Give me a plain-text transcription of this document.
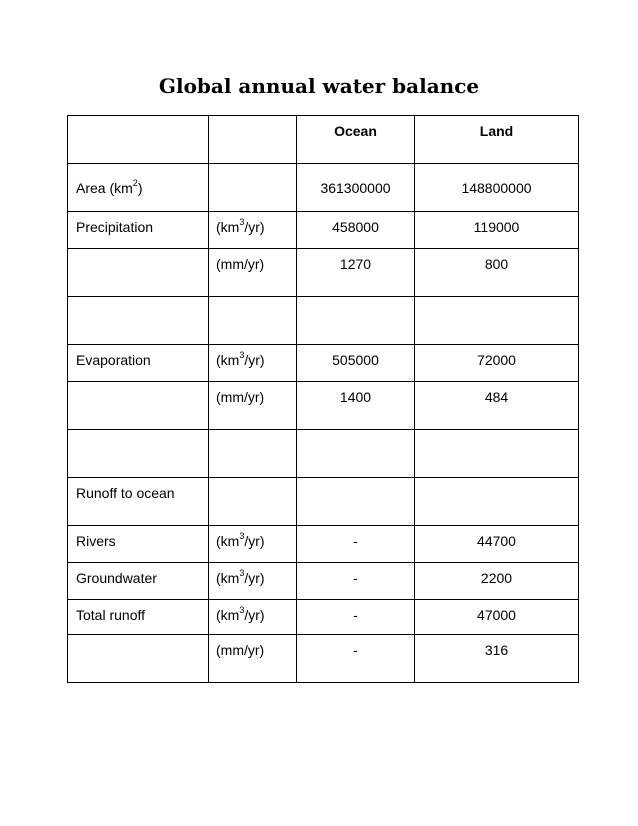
Global annual water balance

		Ocean	Land

Area $(km^2)$		361300000	148800000

Precipitation	$(km^3/yr)$	458000	119000

	(mm/yr)	1270	800

Evaporation	$(km^3/yr)$	505000	72000

	(mm/yr)	1400	484

Runoff to ocean			

Rivers	$(km^3/yr)$	-	44700

Groundwater	$(km^3/yr)$	-	2200

Total runoff	$(km^3/yr)$	-	47000

	(mm/yr)	-	316
